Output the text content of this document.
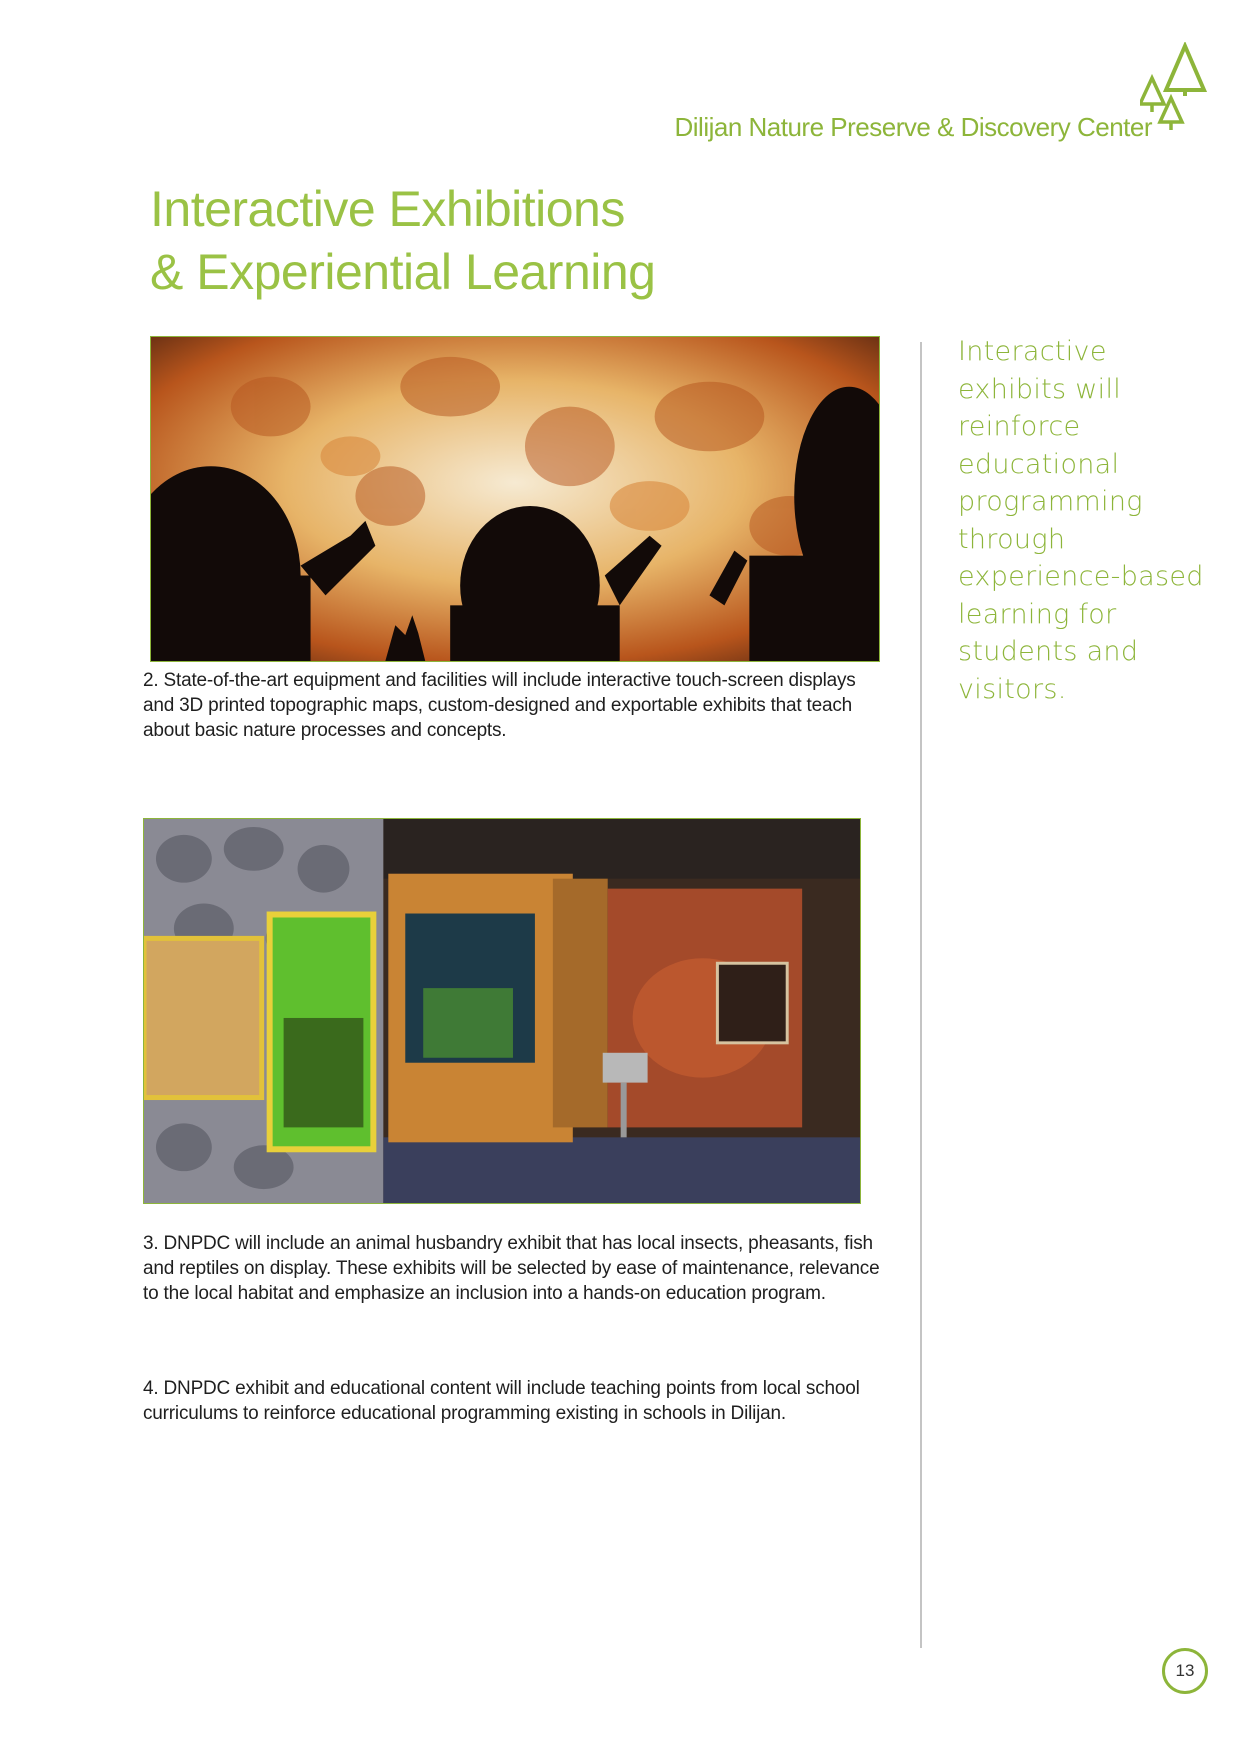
Dilijan Nature Preserve & Discovery Center
Interactive Exhibitions
& Experiential Learning

2. State-of-the-art equipment and facilities will include interactive touch-screen displays and 3D printed topographic maps, custom-designed and exportable exhibits that teach about basic nature processes and concepts.

3. DNPDC will include an animal husbandry exhibit that has local insects, pheasants, fish and reptiles on display. These exhibits will be selected by ease of maintenance, relevance to the local habitat and emphasize an inclusion into a hands-on education program.

4. DNPDC exhibit and educational content will include teaching points from local school curriculums to reinforce educational programming existing in schools in Dilijan.

Interactive exhibits will reinforce educational programming through experience-based learning for students and visitors.

13
